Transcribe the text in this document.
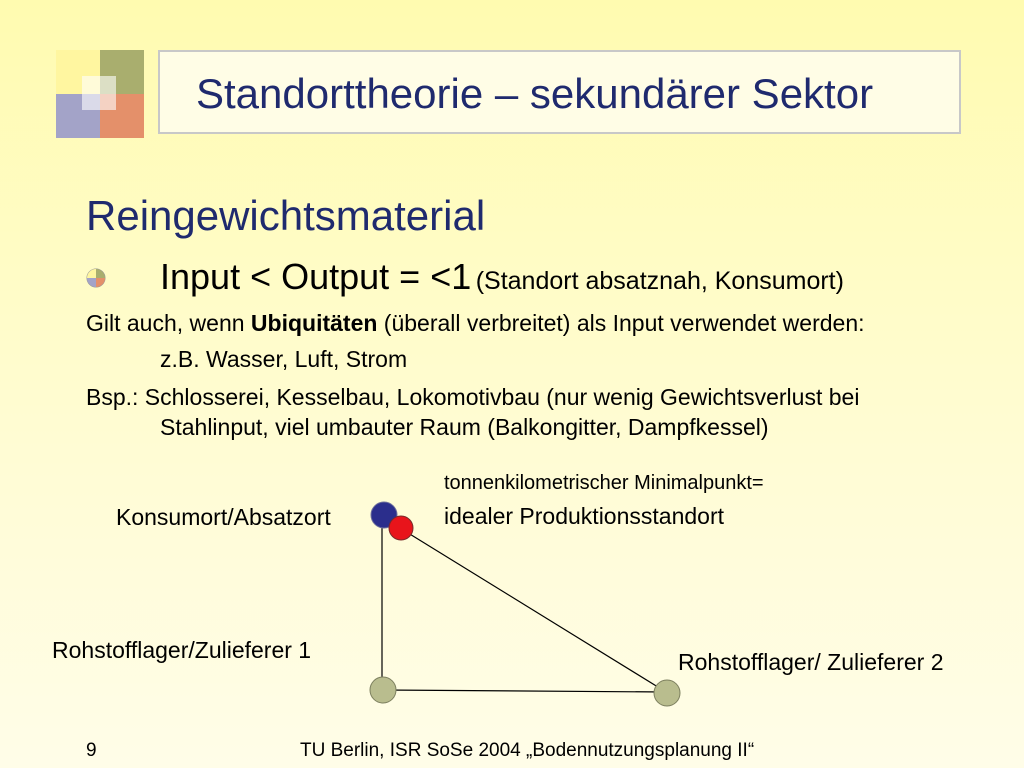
Standorttheorie – sekundärer Sektor
Reingewichtsmaterial
Input < Output = <1 (Standort absatznah, Konsumort)
Gilt auch, wenn Ubiquitäten (überall verbreitet) als Input verwendet werden:
z.B. Wasser, Luft, Strom
Bsp.: Schlosserei, Kesselbau, Lokomotivbau (nur wenig Gewichtsverlust bei
Stahlinput, viel umbauter Raum (Balkongitter, Dampfkessel)
tonnenkilometrischer Minimalpunkt=
idealer Produktionsstandort
Konsumort/Absatzort
Rohstofflager/Zulieferer 1	Rohstofflager/ Zulieferer 2
9	TU Berlin, ISR SoSe 2004 „Bodennutzungsplanung II“
